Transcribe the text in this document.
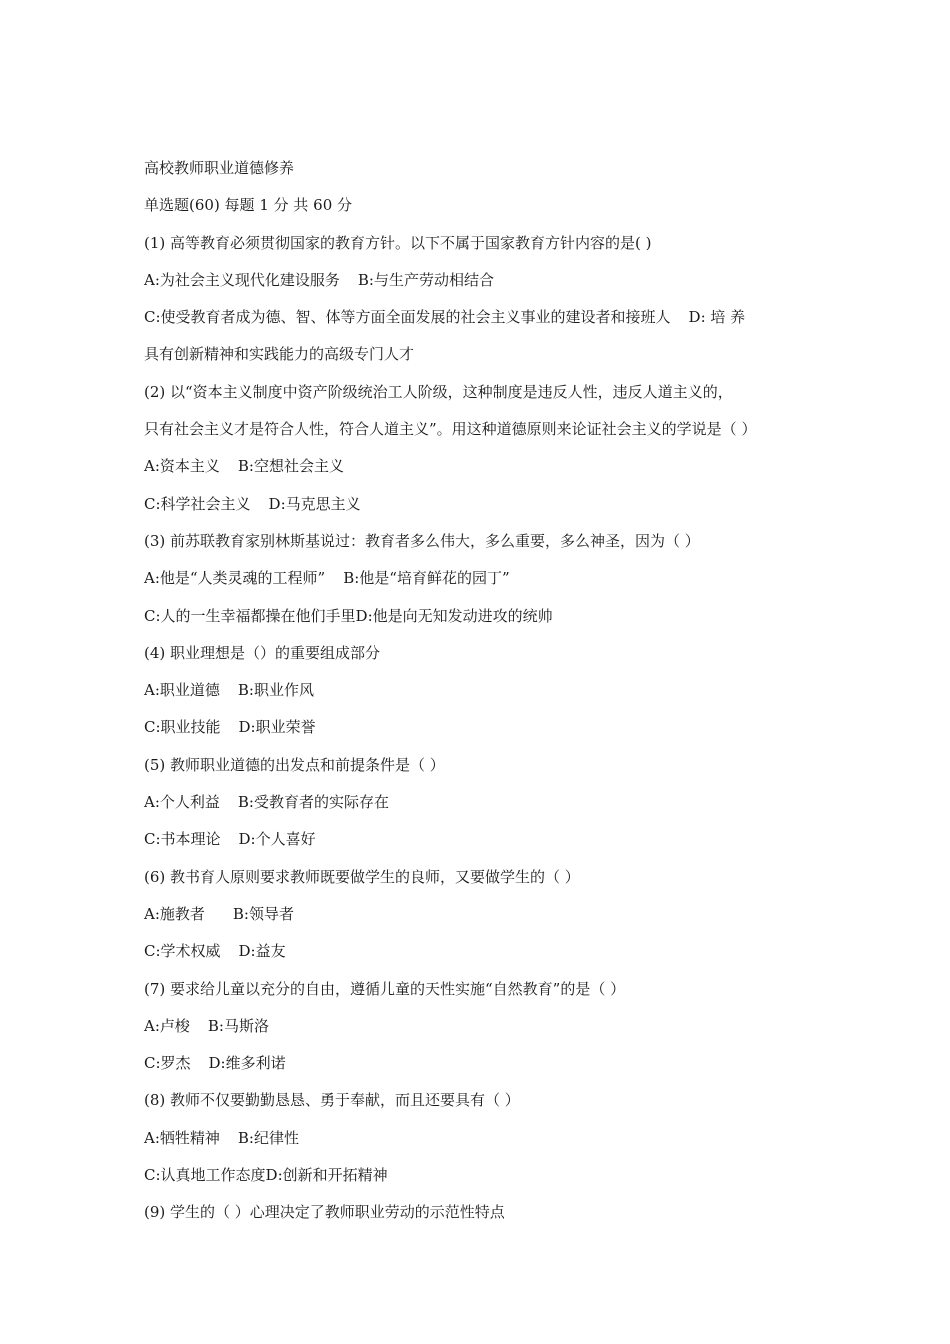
高校教师职业道德修养

单选题(60) 每题 1 分 共 60 分

(1) 高等教育必须贯彻国家的教育方针。以下不属于国家教育方针内容的是( )

A:为社会主义现代化建设服务 B:与生产劳动相结合

C:使受教育者成为德、智、体等方面全面发展的社会主义事业的建设者和接班人 D: 培 养

具有创新精神和实践能力的高级专门人才

(2) 以“资本主义制度中资产阶级统治工人阶级，这种制度是违反人性，违反人道主义的，

只有社会主义才是符合人性，符合人道主义”。用这种道德原则来论证社会主义的学说是（ ）

A:资本主义 B:空想社会主义

C:科学社会主义 D:马克思主义

(3) 前苏联教育家别林斯基说过：教育者多么伟大，多么重要，多么神圣，因为（ ）

A:他是“人类灵魂的工程师” B:他是“培育鲜花的园丁”

C:人的一生幸福都操在他们手里D:他是向无知发动进攻的统帅

(4) 职业理想是（）的重要组成部分

A:职业道德 B:职业作风

C:职业技能 D:职业荣誉

(5) 教师职业道德的出发点和前提条件是（ ）

A:个人利益 B:受教育者的实际存在

C:书本理论 D:个人喜好

(6) 教书育人原则要求教师既要做学生的良师，又要做学生的（ ）

A:施教者 B:领导者

C:学术权威 D:益友

(7) 要求给儿童以充分的自由，遵循儿童的天性实施“自然教育”的是（ ）

A:卢梭 B:马斯洛

C:罗杰 D:维多利诺

(8) 教师不仅要勤勤恳恳、勇于奉献，而且还要具有（ ）

A:牺牲精神 B:纪律性

C:认真地工作态度D:创新和开拓精神

(9) 学生的（ ）心理决定了教师职业劳动的示范性特点
